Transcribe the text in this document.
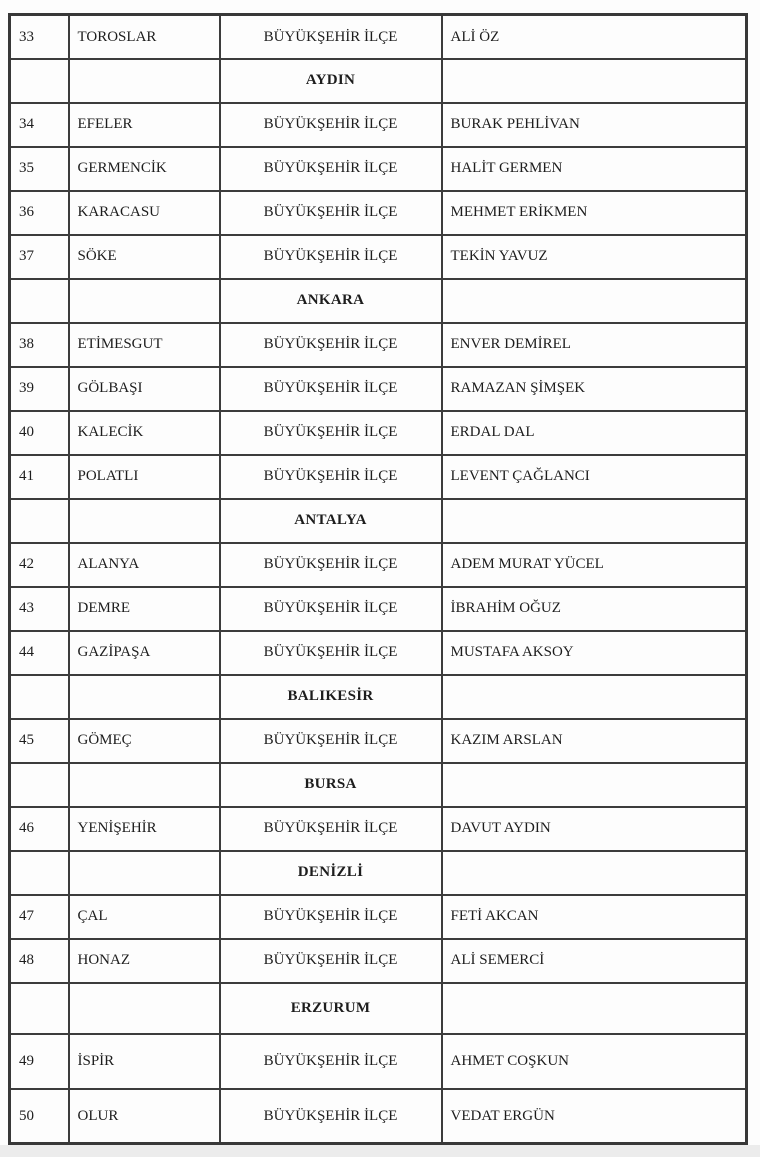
33	TOROSLAR	BÜYÜKŞEHİR İLÇE	ALİ ÖZ
		AYDIN	
34	EFELER	BÜYÜKŞEHİR İLÇE	BURAK PEHLİVAN
35	GERMENCİK	BÜYÜKŞEHİR İLÇE	HALİT GERMEN
36	KARACASU	BÜYÜKŞEHİR İLÇE	MEHMET ERİKMEN
37	SÖKE	BÜYÜKŞEHİR İLÇE	TEKİN YAVUZ
		ANKARA	
38	ETİMESGUT	BÜYÜKŞEHİR İLÇE	ENVER DEMİREL
39	GÖLBAŞI	BÜYÜKŞEHİR İLÇE	RAMAZAN ŞİMŞEK
40	KALECİK	BÜYÜKŞEHİR İLÇE	ERDAL DAL
41	POLATLI	BÜYÜKŞEHİR İLÇE	LEVENT ÇAĞLANCI
		ANTALYA	
42	ALANYA	BÜYÜKŞEHİR İLÇE	ADEM MURAT YÜCEL
43	DEMRE	BÜYÜKŞEHİR İLÇE	İBRAHİM OĞUZ
44	GAZİPAŞA	BÜYÜKŞEHİR İLÇE	MUSTAFA AKSOY
		BALIKESİR	
45	GÖMEÇ	BÜYÜKŞEHİR İLÇE	KAZIM ARSLAN
		BURSA	
46	YENİŞEHİR	BÜYÜKŞEHİR İLÇE	DAVUT AYDIN
		DENİZLİ	
47	ÇAL	BÜYÜKŞEHİR İLÇE	FETİ AKCAN
48	HONAZ	BÜYÜKŞEHİR İLÇE	ALİ SEMERCİ
		ERZURUM	
49	İSPİR	BÜYÜKŞEHİR İLÇE	AHMET COŞKUN
50	OLUR	BÜYÜKŞEHİR İLÇE	VEDAT ERGÜN
